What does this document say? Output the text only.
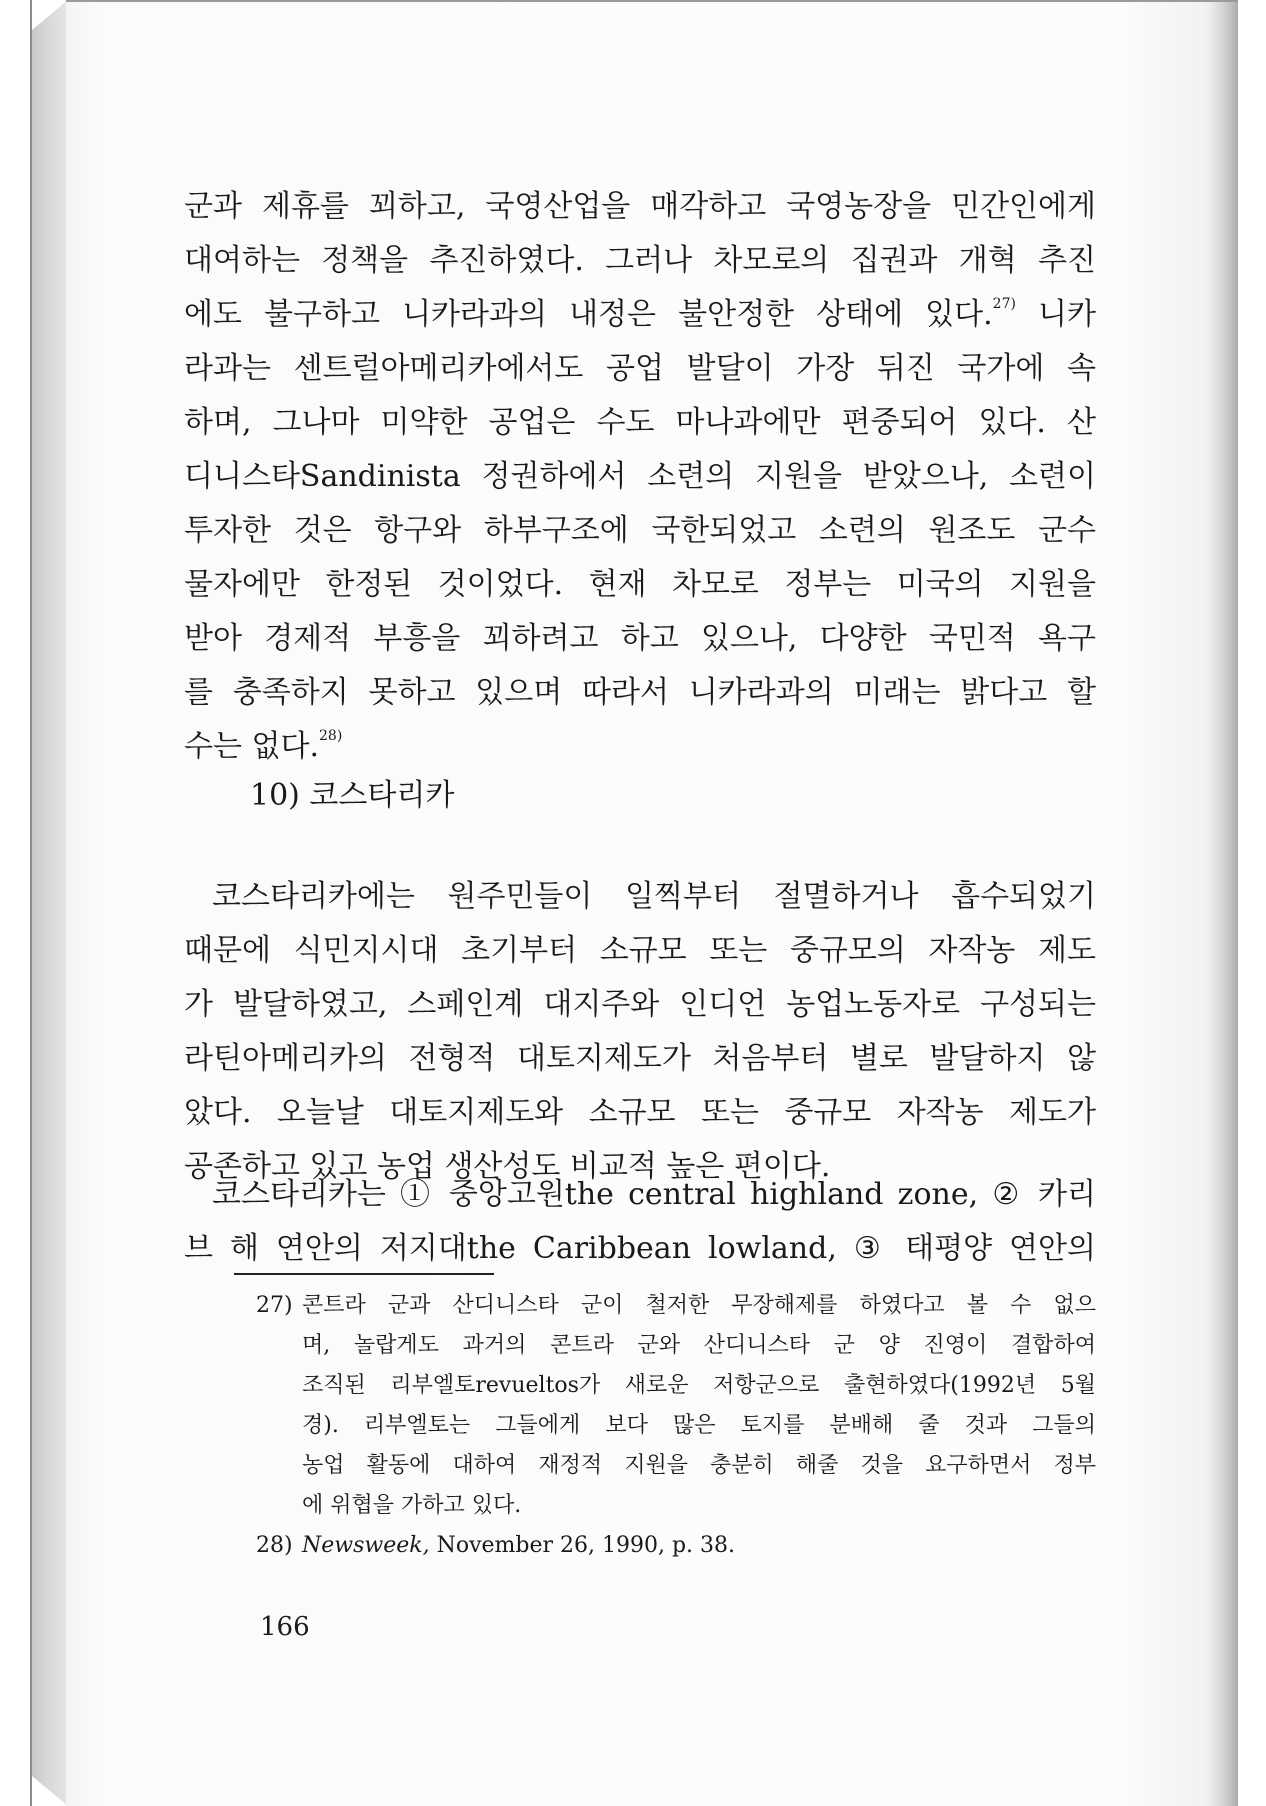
군과 제휴를 꾀하고, 국영산업을 매각하고 국영농장을 민간인에게
대여하는 정책을 추진하였다. 그러나 차모로의 집권과 개혁 추진
에도 불구하고 니카라과의 내정은 불안정한 상태에 있다.$^{27)}$ 니카
라과는 센트럴아메리카에서도 공업 발달이 가장 뒤진 국가에 속
하며, 그나마 미약한 공업은 수도 마나과에만 편중되어 있다. 산
디니스타Sandinista 정권하에서 소련의 지원을 받았으나, 소련이
투자한 것은 항구와 하부구조에 국한되었고 소련의 원조도 군수
물자에만 한정된 것이었다. 현재 차모로 정부는 미국의 지원을
받아 경제적 부흥을 꾀하려고 하고 있으나, 다양한 국민적 욕구
를 충족하지 못하고 있으며 따라서 니카라과의 미래는 밝다고 할
수는 없다.$^{28)}$
10) 코스타리카
코스타리카에는 원주민들이 일찍부터 절멸하거나 흡수되었기
때문에 식민지시대 초기부터 소규모 또는 중규모의 자작농 제도
가 발달하였고, 스페인계 대지주와 인디언 농업노동자로 구성되는
라틴아메리카의 전형적 대토지제도가 처음부터 별로 발달하지 않
았다. 오늘날 대토지제도와 소규모 또는 중규모 자작농 제도가
공존하고 있고 농업 생산성도 비교적 높은 편이다.
코스타리카는 ① 중앙고원the central highland zone, ② 카리
브 해 연안의 저지대the Caribbean lowland, ③ 태평양 연안의
27) 콘트라 군과 산디니스타 군이 철저한 무장해제를 하였다고 볼 수 없으
며, 놀랍게도 과거의 콘트라 군와 산디니스타 군 양 진영이 결합하여
조직된 리부엘토revueltos가 새로운 저항군으로 출현하였다(1992년 5월
경). 리부엘토는 그들에게 보다 많은 토지를 분배해 줄 것과 그들의
농업 활동에 대하여 재정적 지원을 충분히 해줄 것을 요구하면서 정부
에 위협을 가하고 있다.
28) Newsweek, November 26, 1990, p. 38.
166
